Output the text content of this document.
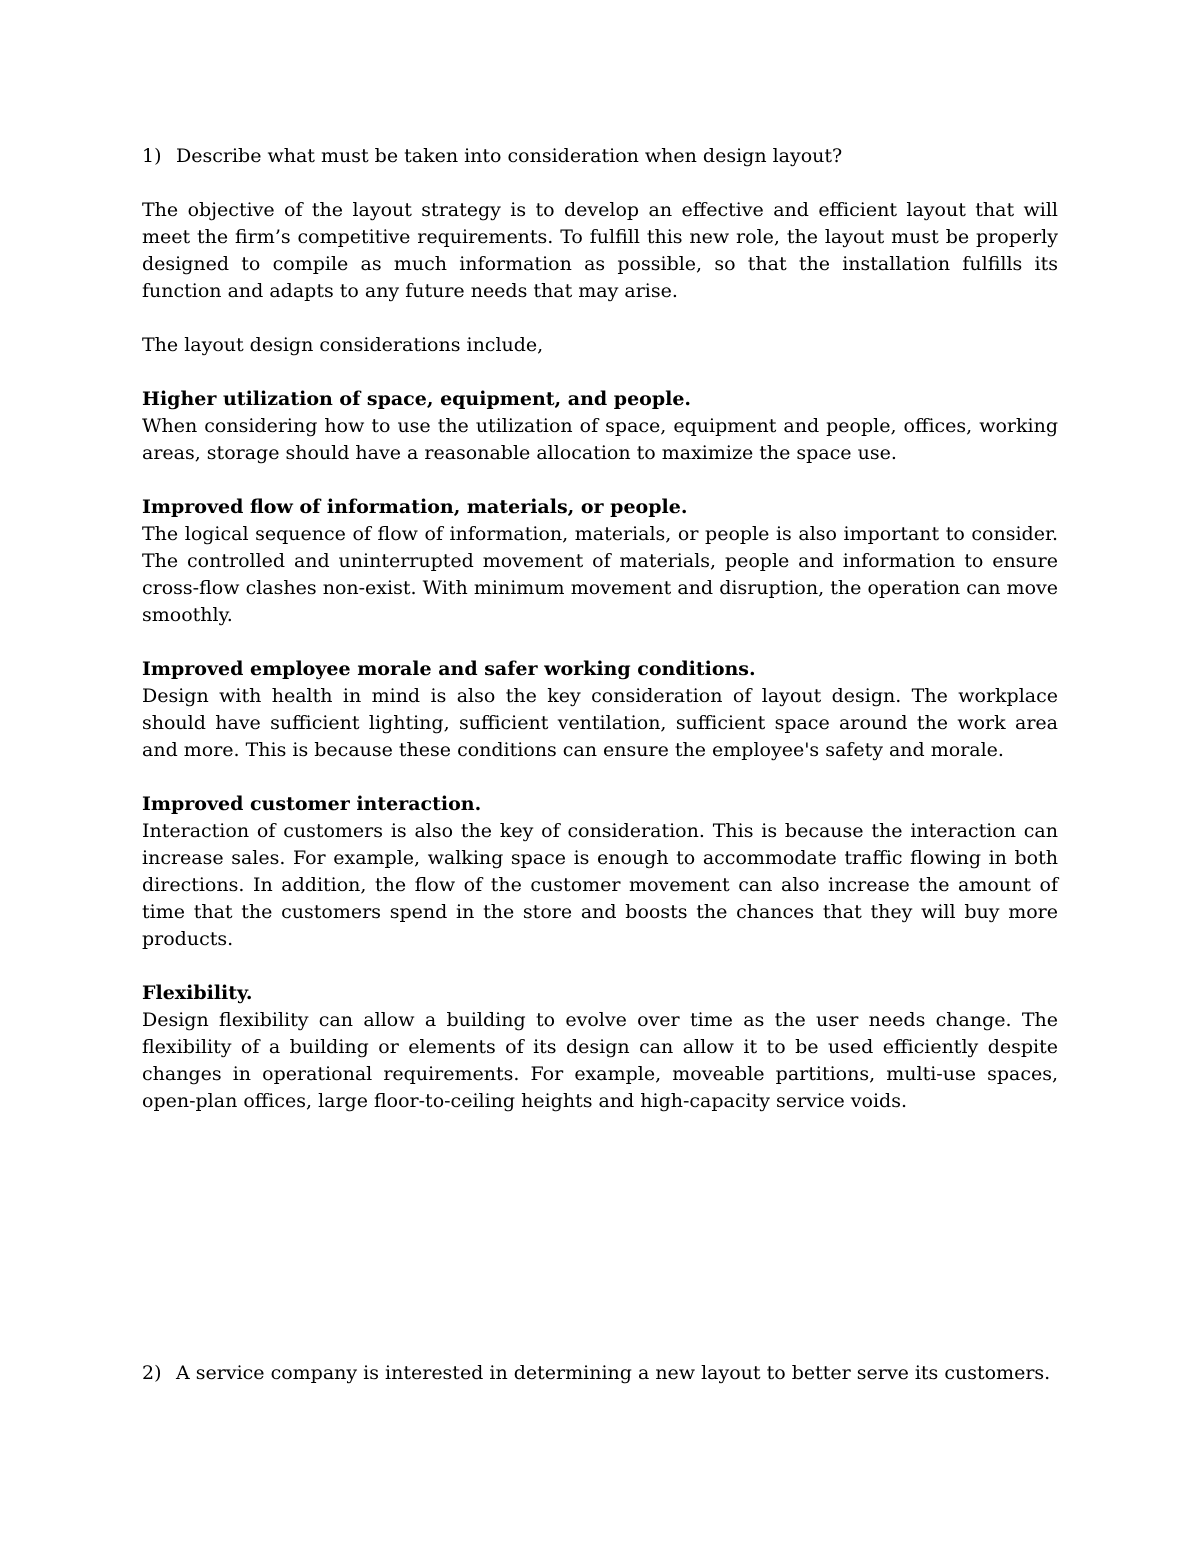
1) Describe what must be taken into consideration when design layout?

The objective of the layout strategy is to develop an effective and efficient layout that will meet the firm’s competitive requirements. To fulfill this new role, the layout must be properly designed to compile as much information as possible, so that the installation fulfills its function and adapts to any future needs that may arise.

The layout design considerations include,

Higher utilization of space, equipment, and people.

When considering how to use the utilization of space, equipment and people, offices, working areas, storage should have a reasonable allocation to maximize the space use.

Improved flow of information, materials, or people.

The logical sequence of flow of information, materials, or people is also important to consider. The controlled and uninterrupted movement of materials, people and information to ensure cross-flow clashes non-exist. With minimum movement and disruption, the operation can move smoothly.

Improved employee morale and safer working conditions.

Design with health in mind is also the key consideration of layout design. The workplace should have sufficient lighting, sufficient ventilation, sufficient space around the work area and more. This is because these conditions can ensure the employee's safety and morale.

Improved customer interaction.

Interaction of customers is also the key of consideration. This is because the interaction can increase sales. For example, walking space is enough to accommodate traffic flowing in both directions. In addition, the flow of the customer movement can also increase the amount of time that the customers spend in the store and boosts the chances that they will buy more products.

Flexibility.

Design flexibility can allow a building to evolve over time as the user needs change. The flexibility of a building or elements of its design can allow it to be used efficiently despite changes in operational requirements. For example, moveable partitions, multi-use spaces, open-plan offices, large floor-to-ceiling heights and high-capacity service voids.

2) A service company is interested in determining a new layout to better serve its customers.
